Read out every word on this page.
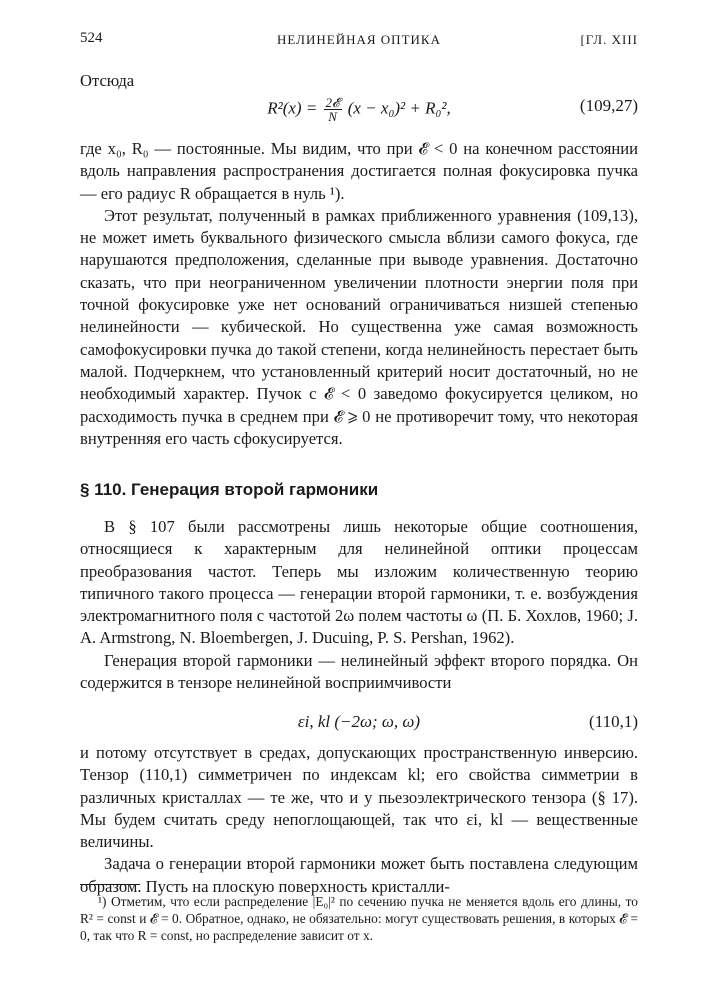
524	НЕЛИНЕЙНАЯ ОПТИКА	[ГЛ. XIII

Отсюда

$R^2(x) = \frac{\text{2𝓔}}{N} (x - x_0)^2 + R_0^2$,	(109,27)

где x₀, R₀ — постоянные. Мы видим, что при 𝓔 < 0 на конечном расстоянии вдоль направления распространения достигается полная фокусировка пучка — его радиус R обращается в нуль ¹).

Этот результат, полученный в рамках приближенного уравнения (109,13), не может иметь буквального физического смысла вблизи самого фокуса, где нарушаются предположения, сделанные при выводе уравнения. Достаточно сказать, что при неограниченном увеличении плотности энергии поля при точной фокусировке уже нет оснований ограничиваться низшей степенью нелинейности — кубической. Но существенна уже самая возможность самофокусировки пучка до такой степени, когда нелинейность перестает быть малой. Подчеркнем, что установленный критерий носит достаточный, но не необходимый характер. Пучок с 𝓔 < 0 заведомо фокусируется целиком, но расходимость пучка в среднем при 𝓔 ⩾ 0 не противоречит тому, что некоторая внутренняя его часть сфокусируется.

§ 110. Генерация второй гармоники

В § 107 были рассмотрены лишь некоторые общие соотношения, относящиеся к характерным для нелинейной оптики процессам преобразования частот. Теперь мы изложим количественную теорию типичного такого процесса — генерации второй гармоники, т. е. возбуждения электромагнитного поля с частотой 2ω полем частоты ω (П. Б. Хохлов, 1960; J. A. Armstrong, N. Bloembergen, J. Ducuing, P. S. Pershan, 1962).

Генерация второй гармоники — нелинейный эффект второго порядка. Он содержится в тензоре нелинейной восприимчивости

εi, kl (−2ω; ω, ω)	(110,1)

и потому отсутствует в средах, допускающих пространственную инверсию. Тензор (110,1) симметричен по индексам kl; его свойства симметрии в различных кристаллах — те же, что и у пьезоэлектрического тензора (§ 17). Мы будем считать среду непоглощающей, так что εi, kl — вещественные величины.

Задача о генерации второй гармоники может быть поставлена следующим образом. Пусть на плоскую поверхность кристалли-

¹) Отметим, что если распределение |E₀|² по сечению пучка не меняется вдоль его длины, то R² = const и 𝓔 = 0. Обратное, однако, не обязательно: могут существовать решения, в которых 𝓔 = 0, так что R = const, но распределение зависит от x.
